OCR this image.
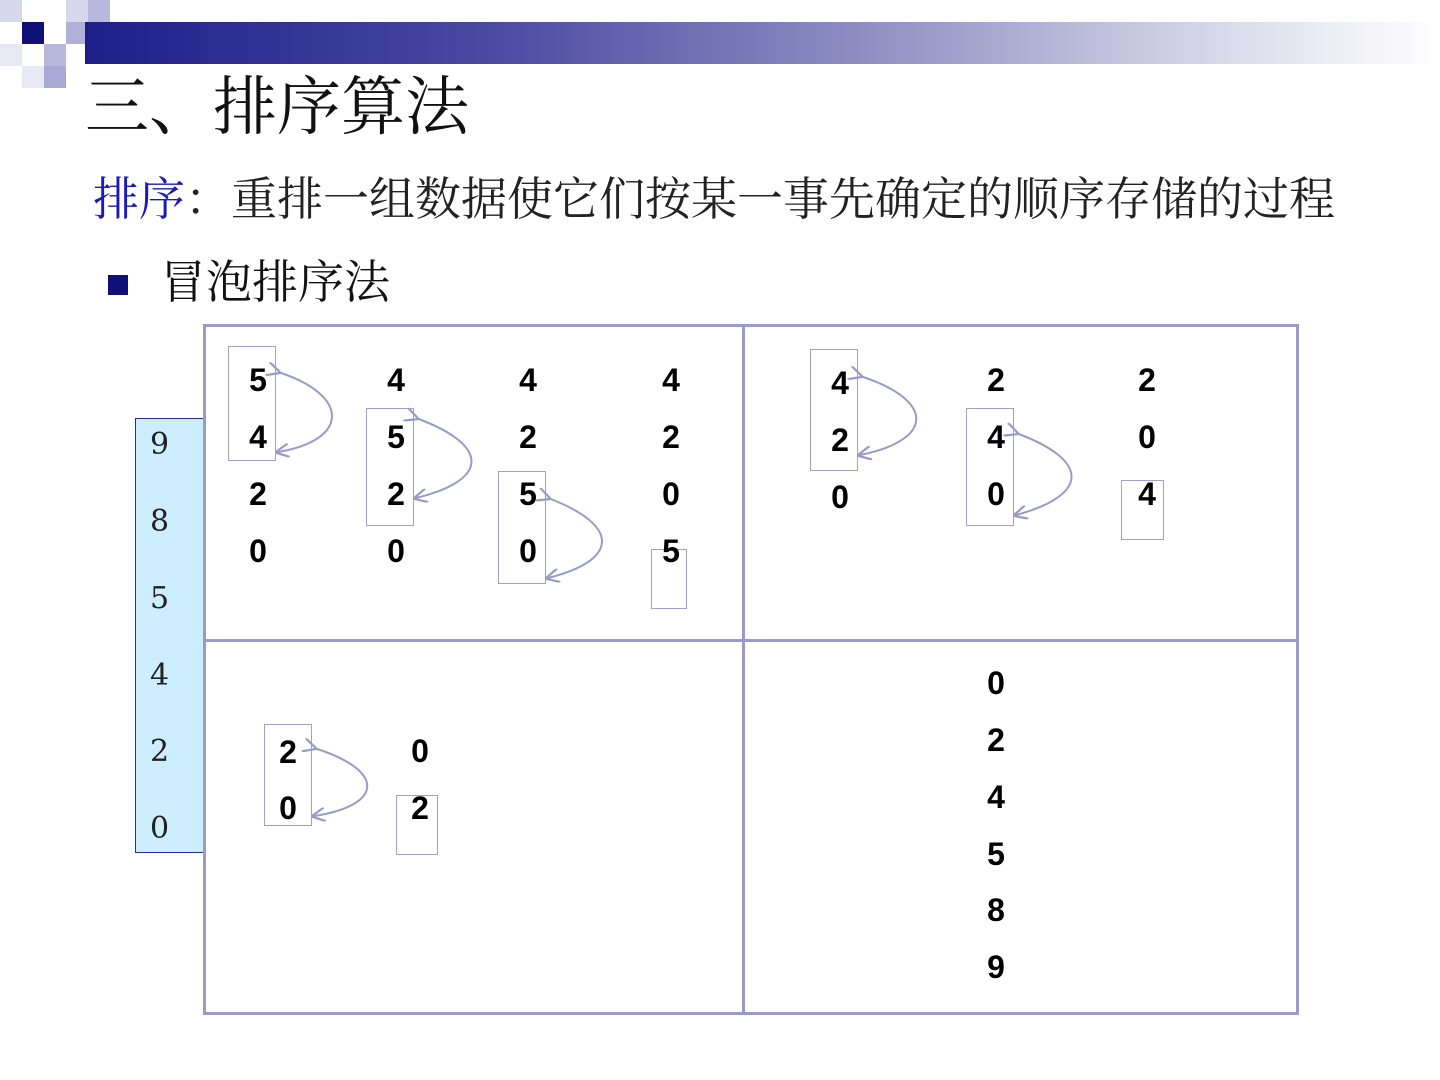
三、排序算法
排序：重排一组数据使它们按某一事先确定的顺序存储的过程
冒泡排序法
9
8
5
4
2
0
5
4
2
0
4
5
2
0
4
2
5
0
4
2
0
5
4
2
0
2
4
0
2
0
4
2
0
0
2
0
2
4
5
8
9
